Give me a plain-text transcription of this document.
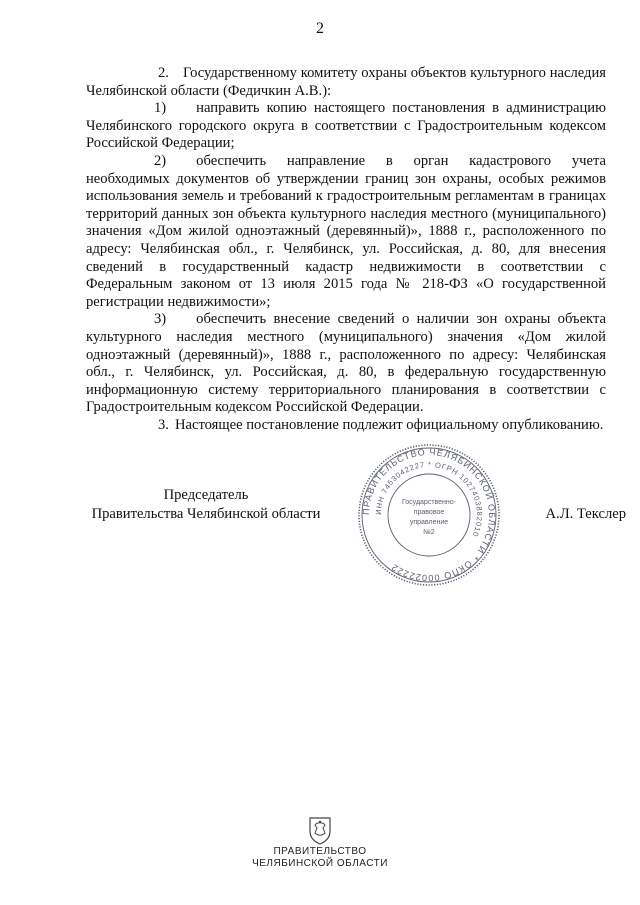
2

2. Государственному комитету охраны объектов культурного наследия Челябинской области (Федичкин А.В.):

1) направить копию настоящего постановления в администрацию Челябинского городского округа в соответствии с Градостроительным кодексом Российской Федерации;

2) обеспечить направление в орган кадастрового учета необходимых документов об утверждении границ зон охраны, особых режимов использования земель и требований к градостроительным регламентам в границах территорий данных зон объекта культурного наследия местного (муниципального) значения «Дом жилой одноэтажный (деревянный)», 1888 г., расположенного по адресу: Челябинская обл., г. Челябинск, ул. Российская, д. 80, для внесения сведений в государственный кадастр недвижимости в соответствии с Федеральным законом от 13 июля 2015 года № 218-ФЗ «О государственной регистрации недвижимости»;

3) обеспечить внесение сведений о наличии зон охраны объекта культурного наследия местного (муниципального) значения «Дом жилой одноэтажный (деревянный)», 1888 г., расположенного по адресу: Челябинская обл., г. Челябинск, ул. Российская, д. 80, в федеральную государственную информационную систему территориального планирования в соответствии с Градостроительным кодексом Российской Федерации.

3. Настоящее постановление подлежит официальному опубликованию.

Председатель
Правительства Челябинской области	А.Л. Текслер
ПРАВИТЕЛЬСТВО ЧЕЛЯБИНСКОЙ ОБЛАСТИ * ОКПО 00022222
ИНН 7453042227 * ОГРН 1027403882010
Государственно-
правовое
управление
№2
ПРАВИТЕЛЬСТВО
ЧЕЛЯБИНСКОЙ ОБЛАСТИ
